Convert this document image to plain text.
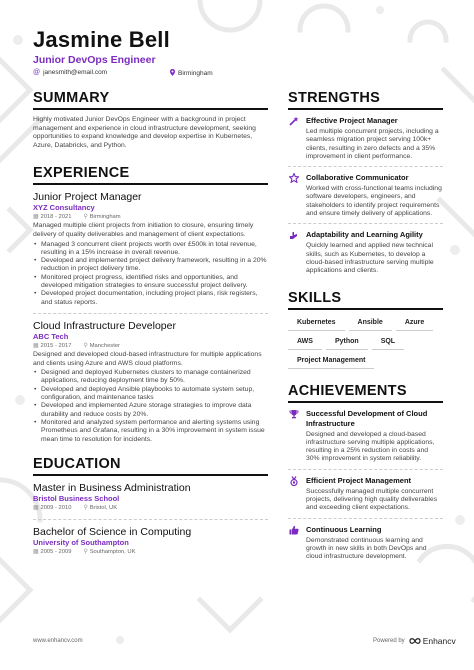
Jasmine Bell
Junior DevOps Engineer
@ janesmith@email.com	Birmingham
SUMMARY
Highly motivated Junior DevOps Engineer with a background in project management and experience in cloud infrastructure development, seeking opportunities to expand knowledge and develop expertise in Kubernetes, Azure, Databricks, and Python.
EXPERIENCE
Junior Project Manager
XYZ Consultancy
▦ 2018 - 2021 ⚲ Birmingham
Managed multiple client projects from initiation to closure, ensuring timely delivery of quality deliverables and management of client expectations.
• Managed 3 concurrent client projects worth over £500k in total revenue, resulting in a 15% increase in overall revenue.
• Developed and implemented project delivery framework, resulting in a 20% reduction in project delivery time.
• Monitored project progress, identified risks and opportunities, and developed mitigation strategies to ensure successful project delivery.
• Developed project documentation, including project plans, risk registers, and status reports.
Cloud Infrastructure Developer
ABC Tech
▦ 2015 - 2017 ⚲ Manchester
Designed and developed cloud-based infrastructure for multiple applications and clients using Azure and AWS cloud platforms.
• Designed and deployed Kubernetes clusters to manage containerized applications, reducing deployment time by 50%.
• Developed and deployed Ansible playbooks to automate system setup, configuration, and maintenance tasks
• Developed and implemented Azure storage strategies to improve data durability and reduce costs by 20%.
• Monitored and analyzed system performance and alerting systems using Prometheus and Grafana, resulting in a 30% improvement in system issue mean time to resolution for incidents.
EDUCATION
Master in Business Administration
Bristol Business School
▦ 2009 - 2010 ⚲ Bristol, UK
Bachelor of Science in Computing
University of Southampton
▦ 2005 - 2009 ⚲ Southampton, UK
STRENGTHS
Effective Project Manager
Led multiple concurrent projects, including a seamless migration project serving 100k+ clients, resulting in zero defects and a 35% improvement in client performance.
Collaborative Communicator
Worked with cross-functional teams including software developers, engineers, and stakeholders to identify project requirements and ensure timely delivery of applications.
Adaptability and Learning Agility
Quickly learned and applied new technical skills, such as Kubernetes, to develop a cloud-based infrastructure serving multiple applications and clients.
SKILLS
Kubernetes	Ansible	Azure
AWS	Python	SQL
Project Management
ACHIEVEMENTS
Successful Development of Cloud Infrastructure
Designed and developed a cloud-based infrastructure serving multiple applications, resulting in a 25% reduction in costs and 30% improvement in system reliability.
Efficient Project Management
Successfully managed multiple concurrent projects, delivering high quality deliverables and exceeding client expectations.
Continuous Learning
Demonstrated continuous learning and growth in new skills in both DevOps and cloud infrastructure development.
www.enhancv.com	Powered by Enhancv
